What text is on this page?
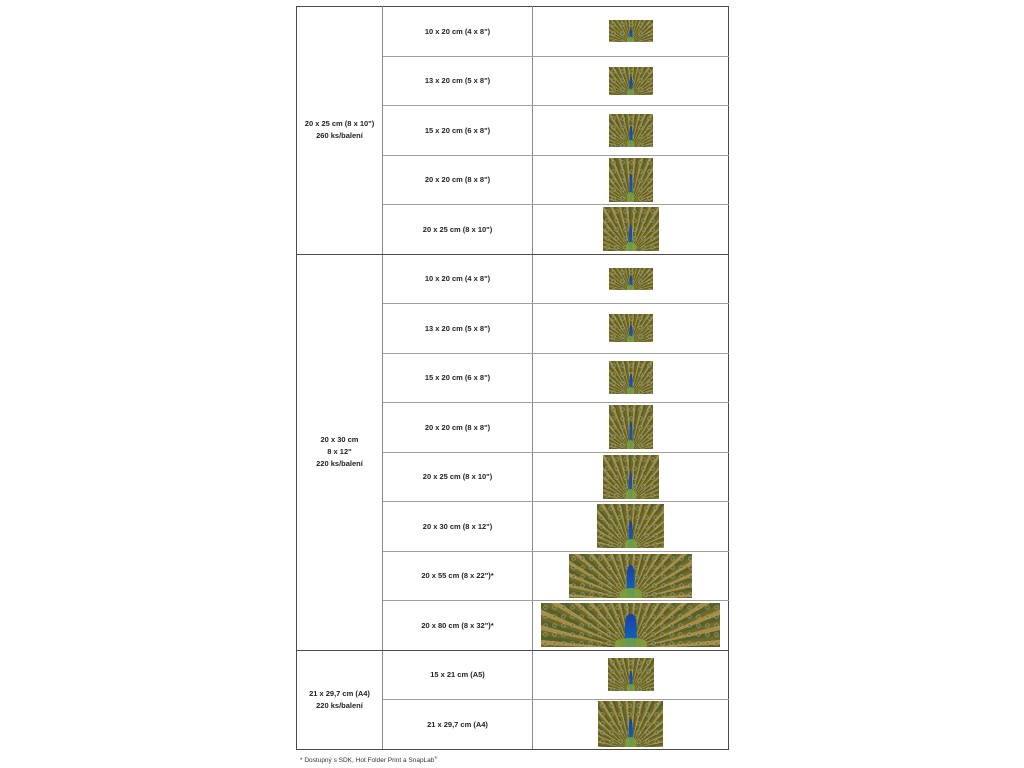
20 x 25 cm (8 x 10")
260 ks/balení	10 x 20 cm (4 x 8")	

	13 x 20 cm (5 x 8")	

	15 x 20 cm (6 x 8")	

	20 x 20 cm (8 x 8")	

	20 x 25 cm (8 x 10")	

20 x 30 cm
8 x 12"
220 ks/balení	10 x 20 cm (4 x 8")	

	13 x 20 cm (5 x 8")	

	15 x 20 cm (6 x 8")	

	20 x 20 cm (8 x 8")	

	20 x 25 cm (8 x 10")	

	20 x 30 cm (8 x 12")	

	20 x 55 cm (8 x 22")*	

	20 x 80 cm (8 x 32")*	

21 x 29,7 cm (A4)
220 ks/balení	15 x 21 cm (A5)	

	21 x 29,7 cm (A4)	
* Dostupný s SDK, Hot Folder Print a SnapLab®
